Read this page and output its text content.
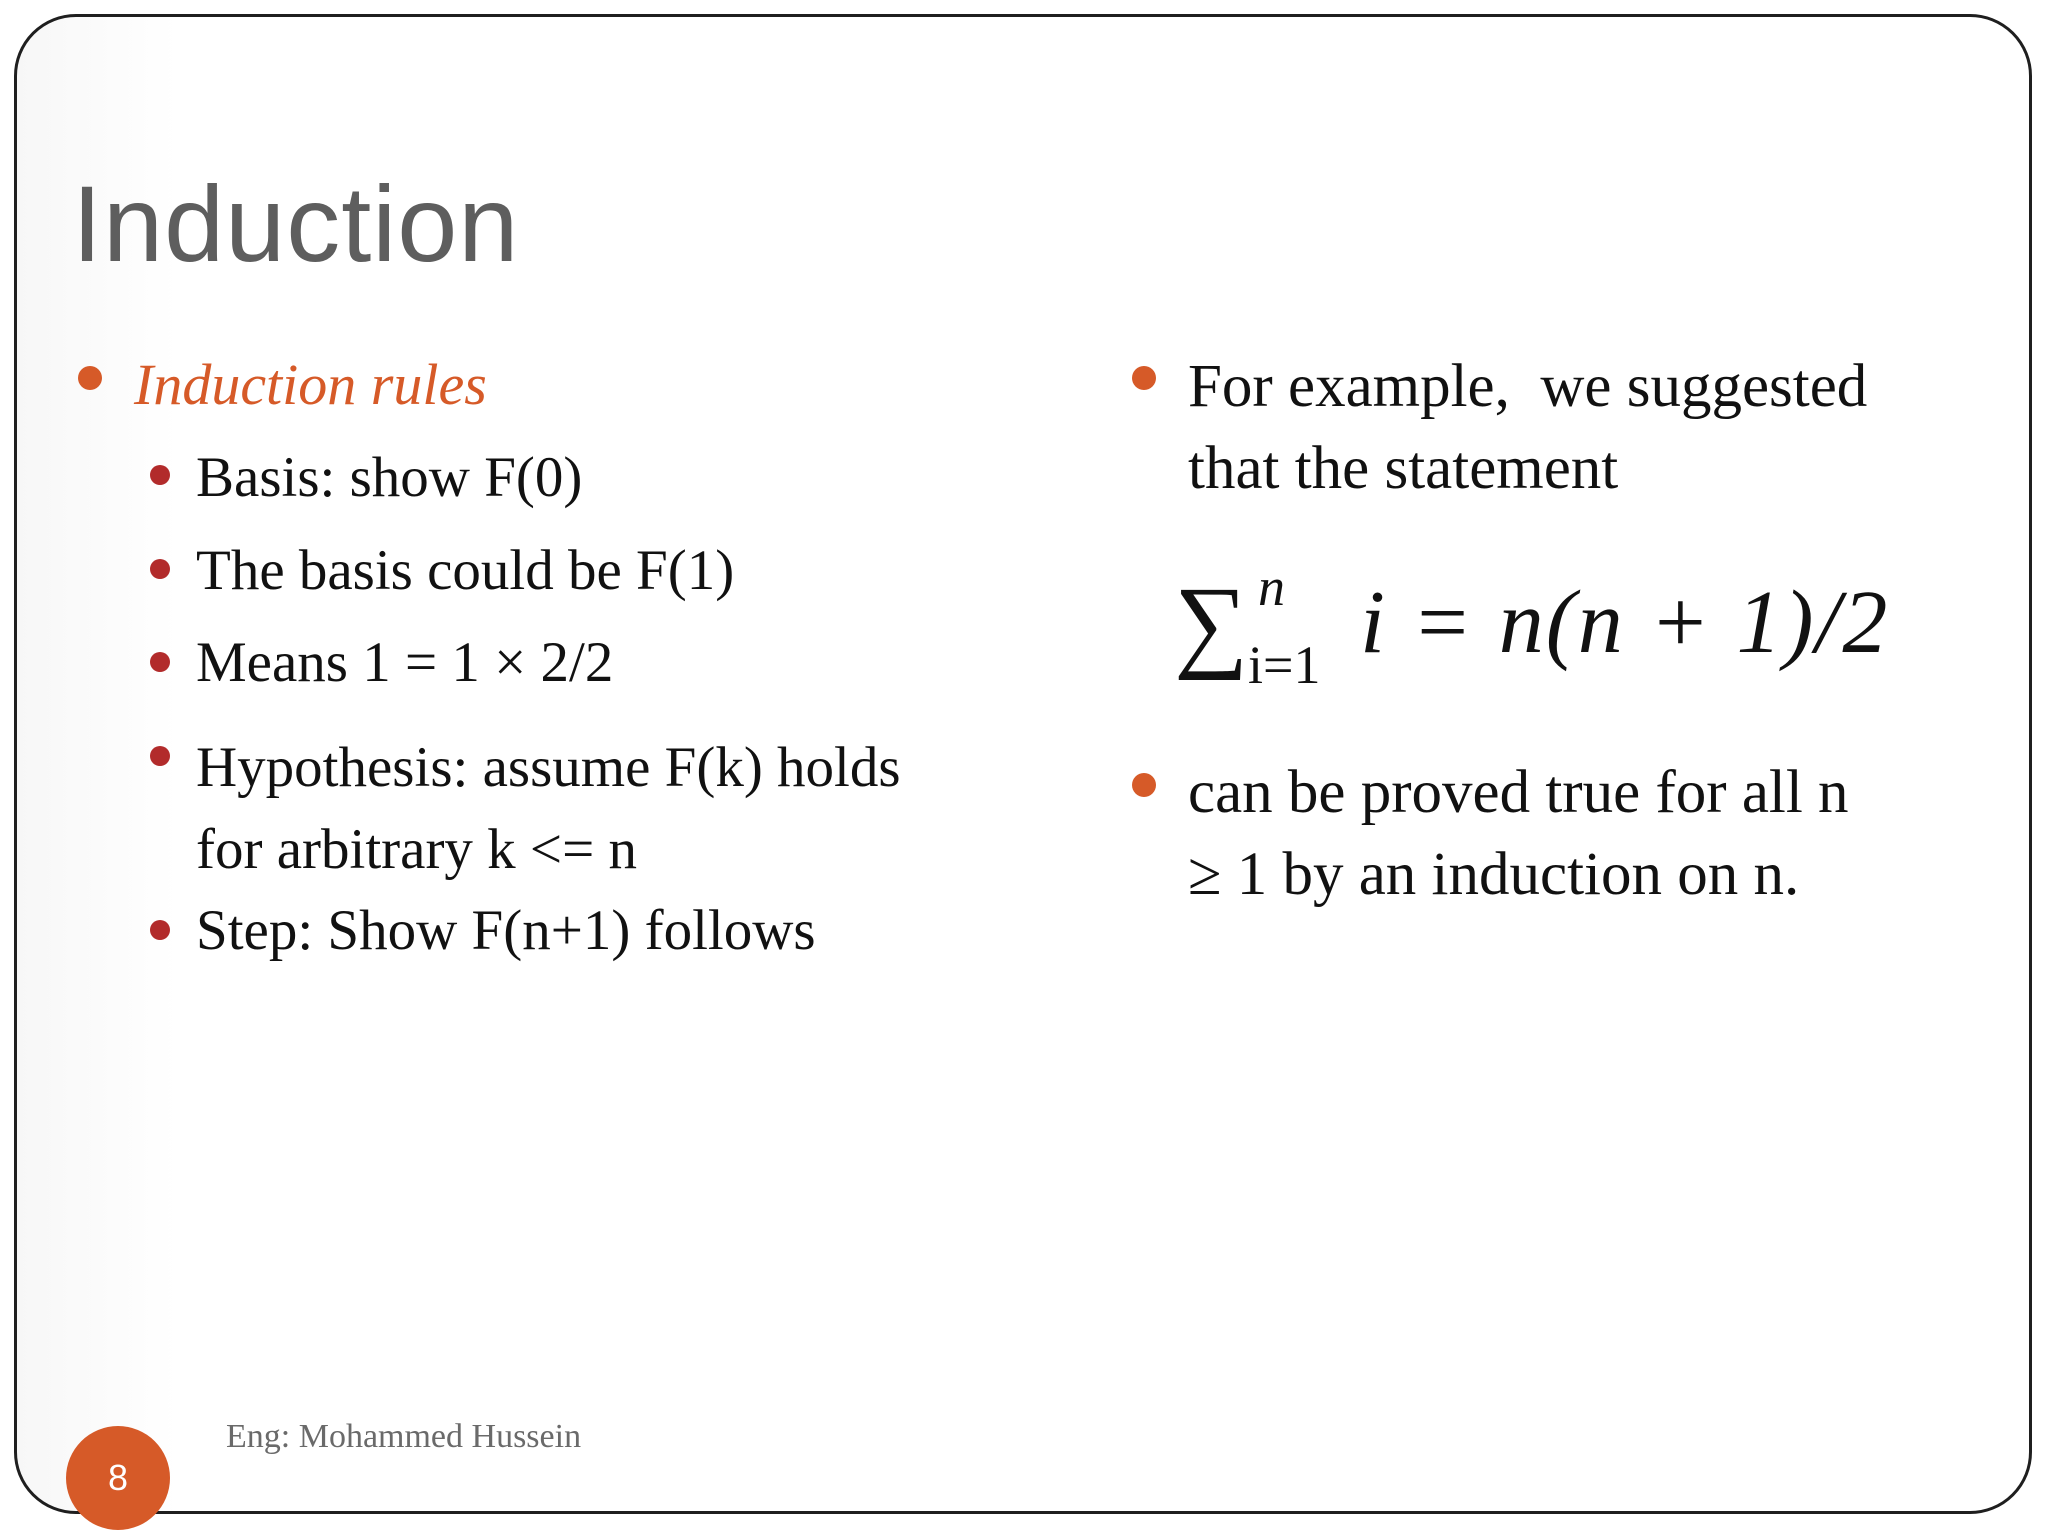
Induction
Induction rules
Basis: show F(0)
The basis could be F(1)
Means 1 = 1 × 2/2
Hypothesis: assume F(k) holds
for arbitrary k <= n
Step: Show F(n+1) follows
For example,  we suggested
that the statement
∑ n
i=1 i = n(n + 1)/2
can be proved true for all n
≥ 1 by an induction on n.
Eng: Mohammed Hussein
8
